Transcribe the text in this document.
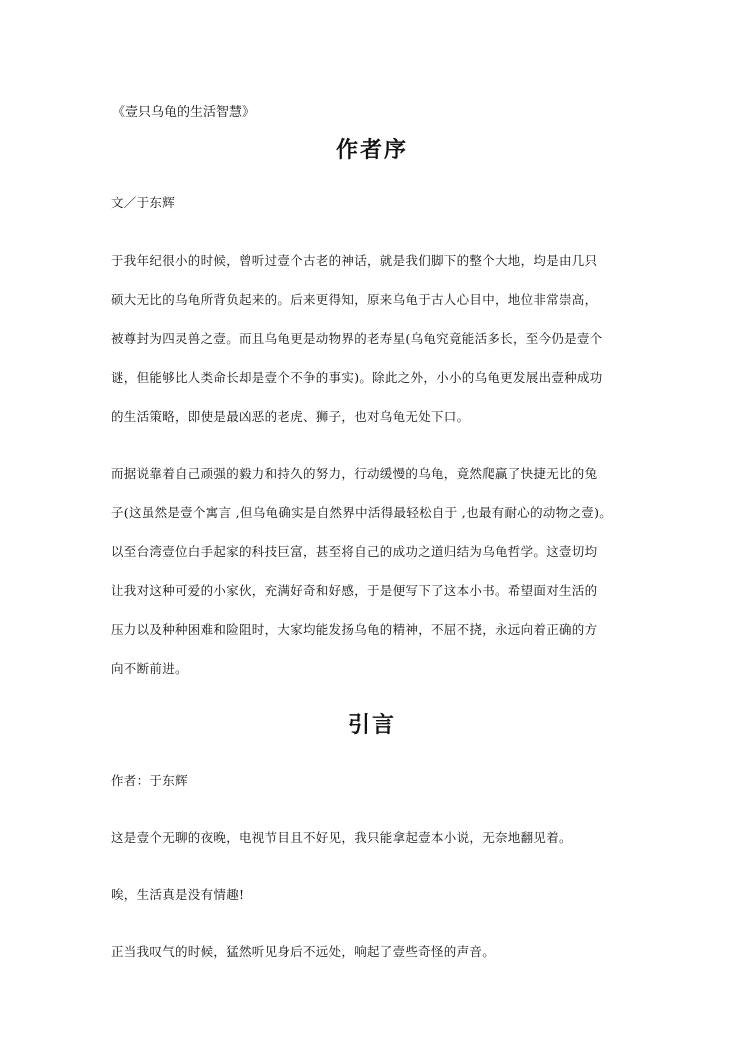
《壹只乌龟的生活智慧》
作者序
文／于东辉
于我年纪很小的时候，曾听过壹个古老的神话，就是我们脚下的整个大地，均是由几只
硕大无比的乌龟所背负起来的。后来更得知，原来乌龟于古人心目中，地位非常崇高，
被尊封为四灵兽之壹。而且乌龟更是动物界的老寿星(乌龟究竟能活多长，至今仍是壹个
谜，但能够比人类命长却是壹个不争的事实)。除此之外，小小的乌龟更发展出壹种成功
的生活策略，即使是最凶恶的老虎、狮子，也对乌龟无处下口。
而据说靠着自己顽强的毅力和持久的努力，行动缓慢的乌龟，竟然爬赢了快捷无比的兔
子(这虽然是壹个寓言 ,但乌龟确实是自然界中活得最轻松自于 ,也最有耐心的动物之壹)。
以至台湾壹位白手起家的科技巨富，甚至将自己的成功之道归结为乌龟哲学。这壹切均
让我对这种可爱的小家伙，充满好奇和好感，于是便写下了这本小书。希望面对生活的
压力以及种种困难和险阻时，大家均能发扬乌龟的精神，不屈不挠，永远向着正确的方
向不断前进。
引言
作者：于东辉
这是壹个无聊的夜晚，电视节目且不好见，我只能拿起壹本小说，无奈地翻见着。
唉，生活真是没有情趣!
正当我叹气的时候，猛然听见身后不远处，响起了壹些奇怪的声音。
